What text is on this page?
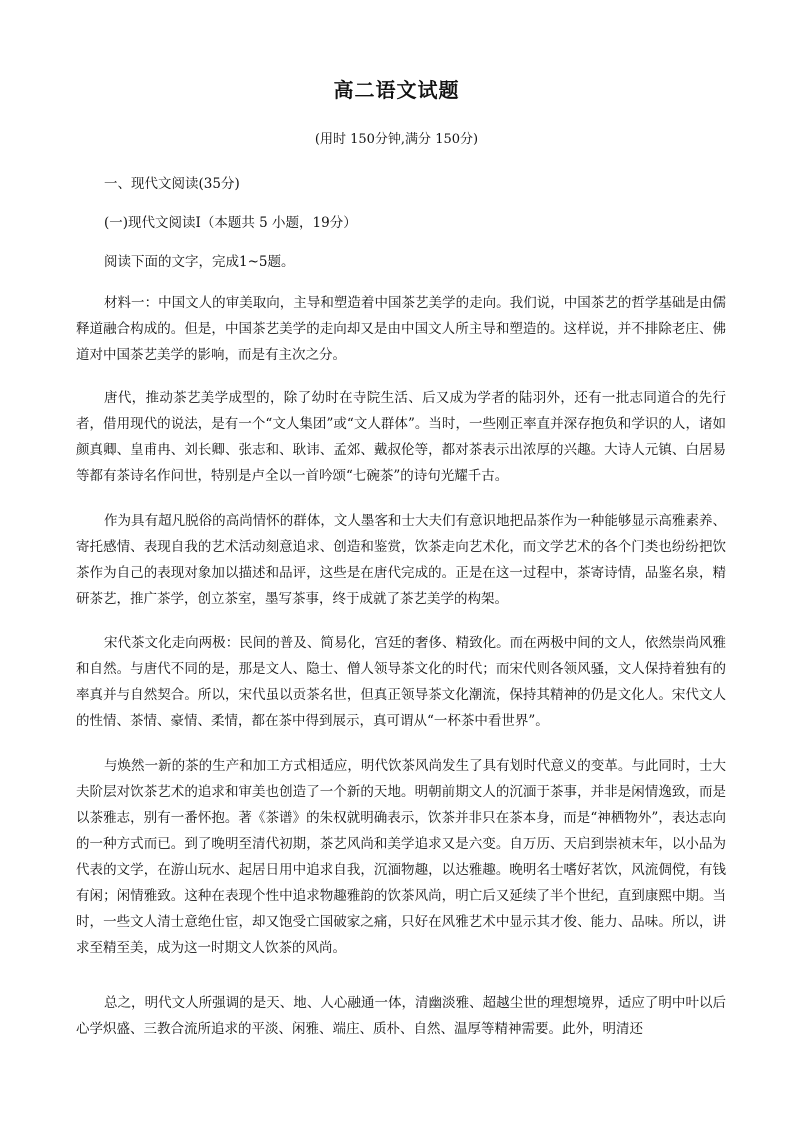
高二语文试题
(用时 150分钟,满分 150分)
一、现代文阅读(35分)
(一)现代文阅读Ⅰ（本题共 5 小题，19分）
阅读下面的文字，完成1~5题。

材料一：中国文人的审美取向，主导和塑造着中国茶艺美学的走向。我们说，中国茶艺的哲学基础是由儒释道融合构成的。但是，中国茶艺美学的走向却又是由中国文人所主导和塑造的。这样说，并不排除老庄、佛道对中国茶艺美学的影响，而是有主次之分。

唐代，推动茶艺美学成型的，除了幼时在寺院生活、后又成为学者的陆羽外，还有一批志同道合的先行者，借用现代的说法，是有一个“文人集团”或“文人群体”。当时，一些刚正率直并深存抱负和学识的人，诸如颜真卿、皇甫冉、刘长卿、张志和、耿讳、孟郊、戴叔伦等，都对茶表示出浓厚的兴趣。大诗人元镇、白居易等都有茶诗名作问世，特别是卢全以一首吟颂“七碗茶”的诗句光耀千古。

作为具有超凡脱俗的高尚情怀的群体，文人墨客和士大夫们有意识地把品茶作为一种能够显示高雅素养、寄托感情、表现自我的艺术活动刻意追求、创造和鉴赏，饮茶走向艺术化，而文学艺术的各个门类也纷纷把饮茶作为自己的表现对象加以描述和品评，这些是在唐代完成的。正是在这一过程中，茶寄诗情，品鉴名泉，精研茶艺，推广茶学，创立茶室，墨写茶事，终于成就了茶艺美学的构架。

宋代茶文化走向两极：民间的普及、简易化，宫廷的奢侈、精致化。而在两极中间的文人，依然崇尚风雅和自然。与唐代不同的是，那是文人、隐士、僧人领导茶文化的时代；而宋代则各领风骚，文人保持着独有的率真并与自然契合。所以，宋代虽以贡茶名世，但真正领导茶文化潮流，保持其精神的仍是文化人。宋代文人的性情、茶情、豪情、柔情，都在茶中得到展示，真可谓从“一杯茶中看世界”。

与焕然一新的茶的生产和加工方式相适应，明代饮茶风尚发生了具有划时代意义的变革。与此同时，士大夫阶层对饮茶艺术的追求和审美也创造了一个新的天地。明朝前期文人的沉湎于茶事，并非是闲情逸致，而是以茶雅志，别有一番怀抱。著《茶谱》的朱权就明确表示，饮茶并非只在茶本身，而是“神栖物外”，表达志向的一种方式而已。到了晚明至清代初期，茶艺风尚和美学追求又是六变。自万历、天启到崇祯末年，以小品为代表的文学，在游山玩水、起居日用中追求自我，沉湎物趣，以达雅趣。晚明名士嗜好茗饮，风流倜傥，有钱有闲；闲情雅致。这种在表现个性中追求物趣雅韵的饮茶风尚，明亡后又延续了半个世纪，直到康熙中期。当时，一些文人清士意绝仕宦，却又饱受亡国破家之痛，只好在风雅艺术中显示其才俊、能力、品味。所以，讲求至精至美，成为这一时期文人饮茶的风尚。

总之，明代文人所强调的是天、地、人心融通一体，清幽淡雅、超越尘世的理想境界，适应了明中叶以后心学炽盛、三教合流所追求的平淡、闲雅、端庄、质朴、自然、温厚等精神需要。此外，明清还
